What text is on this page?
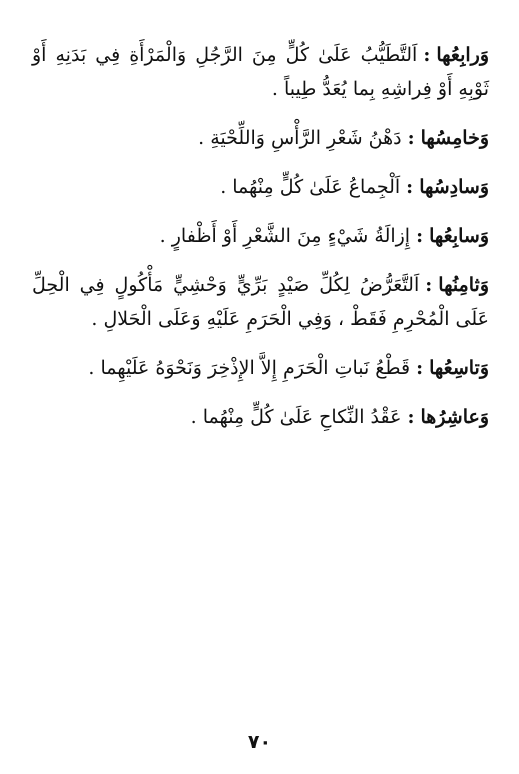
وَرابِعُها:اَلتَّطَيُّبُ عَلَىٰ كُلٍّ مِنَ الرَّجُلِ وَالْمَرْأَةِ فِي بَدَنِهِ أَوْ ثَوْبِهِ أَوْ فِراشِهِ بِما يُعَدُّ طِيباً .

وَخامِسُها:دَهْنُ شَعْرِ الرَّأْسِ وَاللِّحْيَةِ .

وَسادِسُها:اَلْجِماعُ عَلَىٰ كُلٍّ مِنْهُما .

وَسابِعُها:إِزالَةُ شَيْءٍ مِنَ الشَّعْرِ أَوْ أَظْفارٍ .

وَثامِنُها:اَلتَّعَرُّضُ لِكُلِّ صَيْدٍ بَرِّيٍّ وَحْشِيٍّ مَأْكُولٍ فِي الْحِلِّ عَلَى الْمُحْرِمِ فَقَطْ ، وَفِي الْحَرَمِ عَلَيْهِ وَعَلَى الْحَلالِ .

وَتاسِعُها:قَطْعُ نَباتِ الْحَرَمِ إِلاَّ الإِذْخِرَ وَنَحْوَهُ عَلَيْهِما .

وَعاشِرُها:عَقْدُ النِّكاحِ عَلَىٰ كُلٍّ مِنْهُما .

٧٠
